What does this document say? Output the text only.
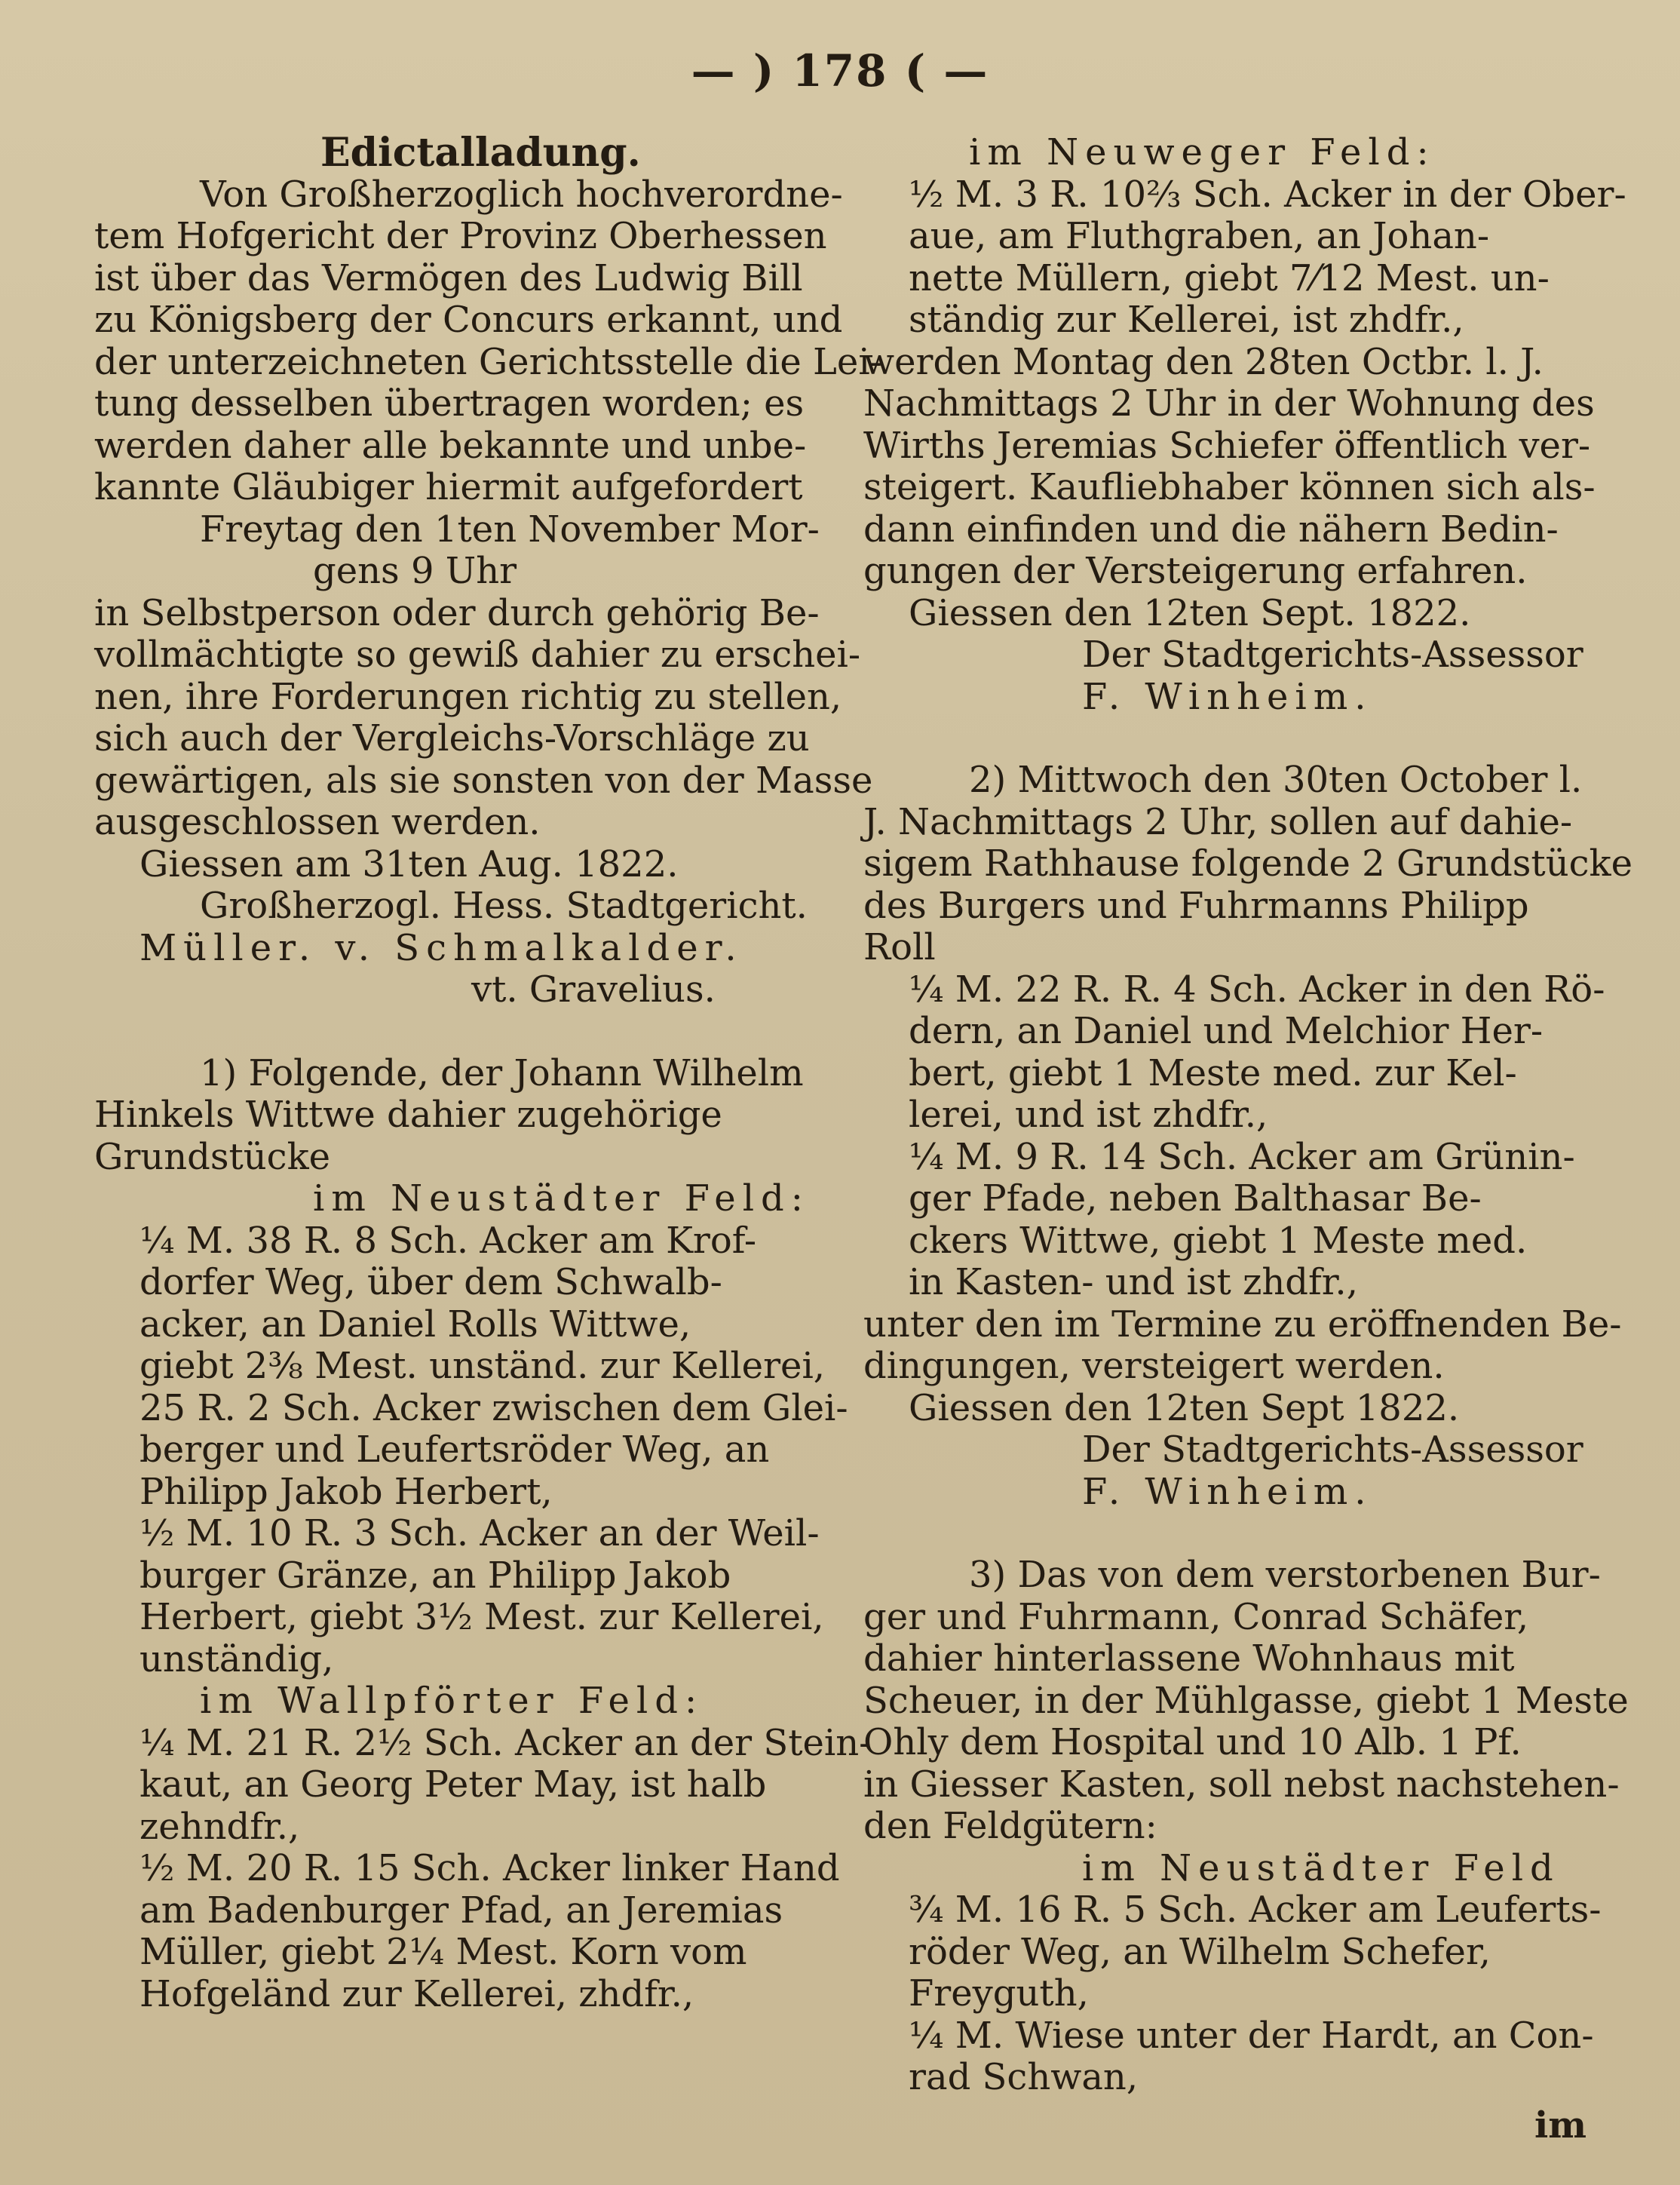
— ) 178 ( —

Edictalladung.

Von Großherzoglich hochverordne-

tem Hofgericht der Provinz Oberhessen

ist über das Vermögen des Ludwig Bill

zu Königsberg der Concurs erkannt, und

der unterzeichneten Gerichtsstelle die Lei-

tung desselben übertragen worden; es

werden daher alle bekannte und unbe-

kannte Gläubiger hiermit aufgefordert

Freytag den 1ten November Mor-

gens 9 Uhr

in Selbstperson oder durch gehörig Be-

vollmächtigte so gewiß dahier zu erschei-

nen, ihre Forderungen richtig zu stellen,

sich auch der Vergleichs-Vorschläge zu

gewärtigen, als sie sonsten von der Masse

ausgeschlossen werden.

Giessen am 31ten Aug. 1822.

Großherzogl. Hess. Stadtgericht.

Müller. v. Schmalkalder.

vt. Gravelius.

1) Folgende, der Johann Wilhelm

Hinkels Wittwe dahier zugehörige

Grundstücke

im Neustädter Feld:

¼ M. 38 R. 8 Sch. Acker am Krof-

dorfer Weg, über dem Schwalb-

acker, an Daniel Rolls Wittwe,

giebt 2⅜ Mest. unständ. zur Kellerei,

25 R. 2 Sch. Acker zwischen dem Glei-

berger und Leufertsröder Weg, an

Philipp Jakob Herbert,

½ M. 10 R. 3 Sch. Acker an der Weil-

burger Gränze, an Philipp Jakob

Herbert, giebt 3½ Mest. zur Kellerei,

unständig,

im Wallpförter Feld:

¼ M. 21 R. 2½ Sch. Acker an der Stein-

kaut, an Georg Peter May, ist halb

zehndfr.,

½ M. 20 R. 15 Sch. Acker linker Hand

am Badenburger Pfad, an Jeremias

Müller, giebt 2¼ Mest. Korn vom

Hofgeländ zur Kellerei, zhdfr.,

im Neuweger Feld:

½ M. 3 R. 10⅔ Sch. Acker in der Ober-

aue, am Fluthgraben, an Johan-

nette Müllern, giebt 7⁄12 Mest. un-

ständig zur Kellerei, ist zhdfr.,

werden Montag den 28ten Octbr. l. J.

Nachmittags 2 Uhr in der Wohnung des

Wirths Jeremias Schiefer öffentlich ver-

steigert. Kaufliebhaber können sich als-

dann einfinden und die nähern Bedin-

gungen der Versteigerung erfahren.

Giessen den 12ten Sept. 1822.

Der Stadtgerichts-Assessor

F. Winheim.

2) Mittwoch den 30ten October l.

J. Nachmittags 2 Uhr, sollen auf dahie-

sigem Rathhause folgende 2 Grundstücke

des Burgers und Fuhrmanns Philipp

Roll

¼ M. 22 R. R. 4 Sch. Acker in den Rö-

dern, an Daniel und Melchior Her-

bert, giebt 1 Meste med. zur Kel-

lerei, und ist zhdfr.,

¼ M. 9 R. 14 Sch. Acker am Grünin-

ger Pfade, neben Balthasar Be-

ckers Wittwe, giebt 1 Meste med.

in Kasten- und ist zhdfr.,

unter den im Termine zu eröffnenden Be-

dingungen, versteigert werden.

Giessen den 12ten Sept 1822.

Der Stadtgerichts-Assessor

F. Winheim.

3) Das von dem verstorbenen Bur-

ger und Fuhrmann, Conrad Schäfer,

dahier hinterlassene Wohnhaus mit

Scheuer, in der Mühlgasse, giebt 1 Meste

Ohly dem Hospital und 10 Alb. 1 Pf.

in Giesser Kasten, soll nebst nachstehen-

den Feldgütern:

im Neustädter Feld

¾ M. 16 R. 5 Sch. Acker am Leuferts-

röder Weg, an Wilhelm Schefer,

Freyguth,

¼ M. Wiese unter der Hardt, an Con-

rad Schwan,

im
